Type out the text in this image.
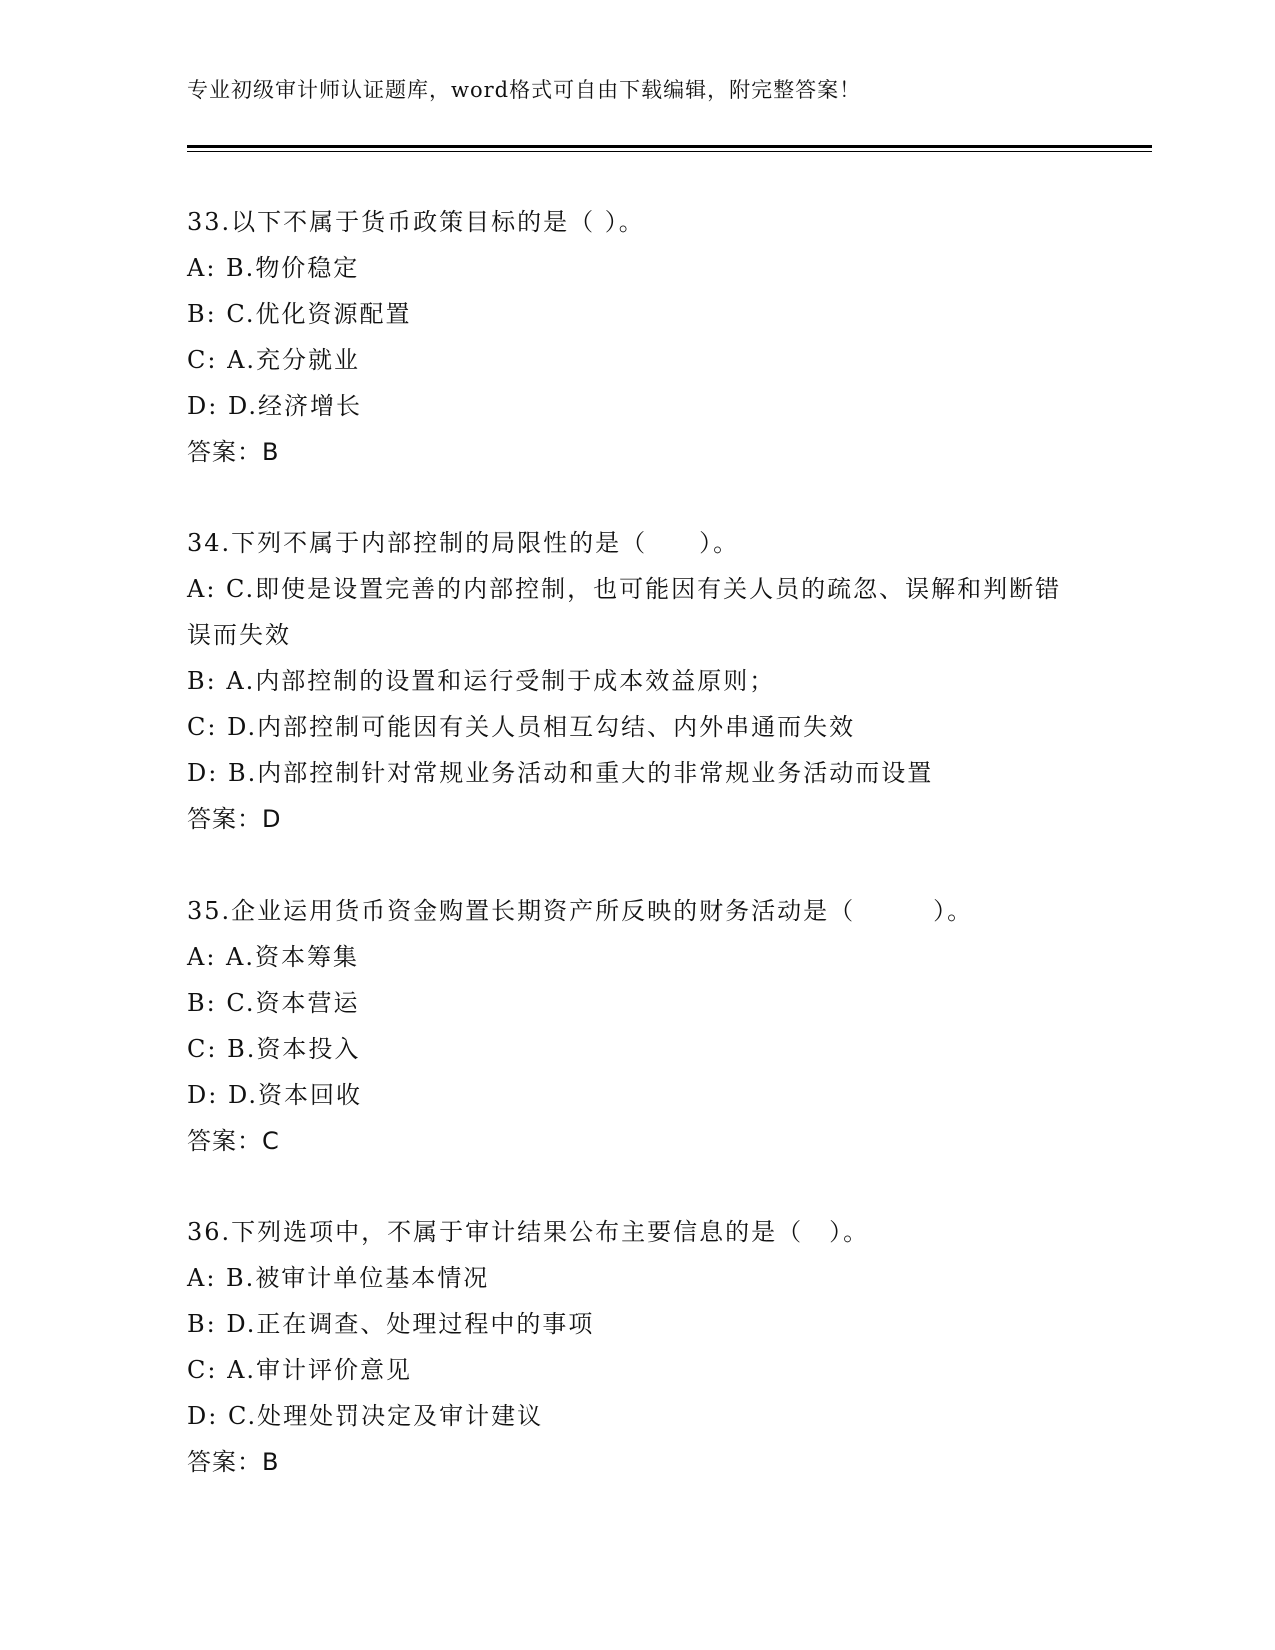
专业初级审计师认证题库，word格式可自由下载编辑，附完整答案！
33.以下不属于货币政策目标的是（ ）。
A: B.物价稳定
B: C.优化资源配置
C: A.充分就业
D: D.经济增长
答案：B
34.下列不属于内部控制的局限性的是（　　）。
A: C.即使是设置完善的内部控制，也可能因有关人员的疏忽、误解和判断错误而失效
B: A.内部控制的设置和运行受制于成本效益原则；
C: D.内部控制可能因有关人员相互勾结、内外串通而失效
D: B.内部控制针对常规业务活动和重大的非常规业务活动而设置
答案：D
35.企业运用货币资金购置长期资产所反映的财务活动是（　　　）。
A: A.资本筹集
B: C.资本营运
C: B.资本投入
D: D.资本回收
答案：C
36.下列选项中，不属于审计结果公布主要信息的是（　）。
A: B.被审计单位基本情况
B: D.正在调查、处理过程中的事项
C: A.审计评价意见
D: C.处理处罚决定及审计建议
答案：B
